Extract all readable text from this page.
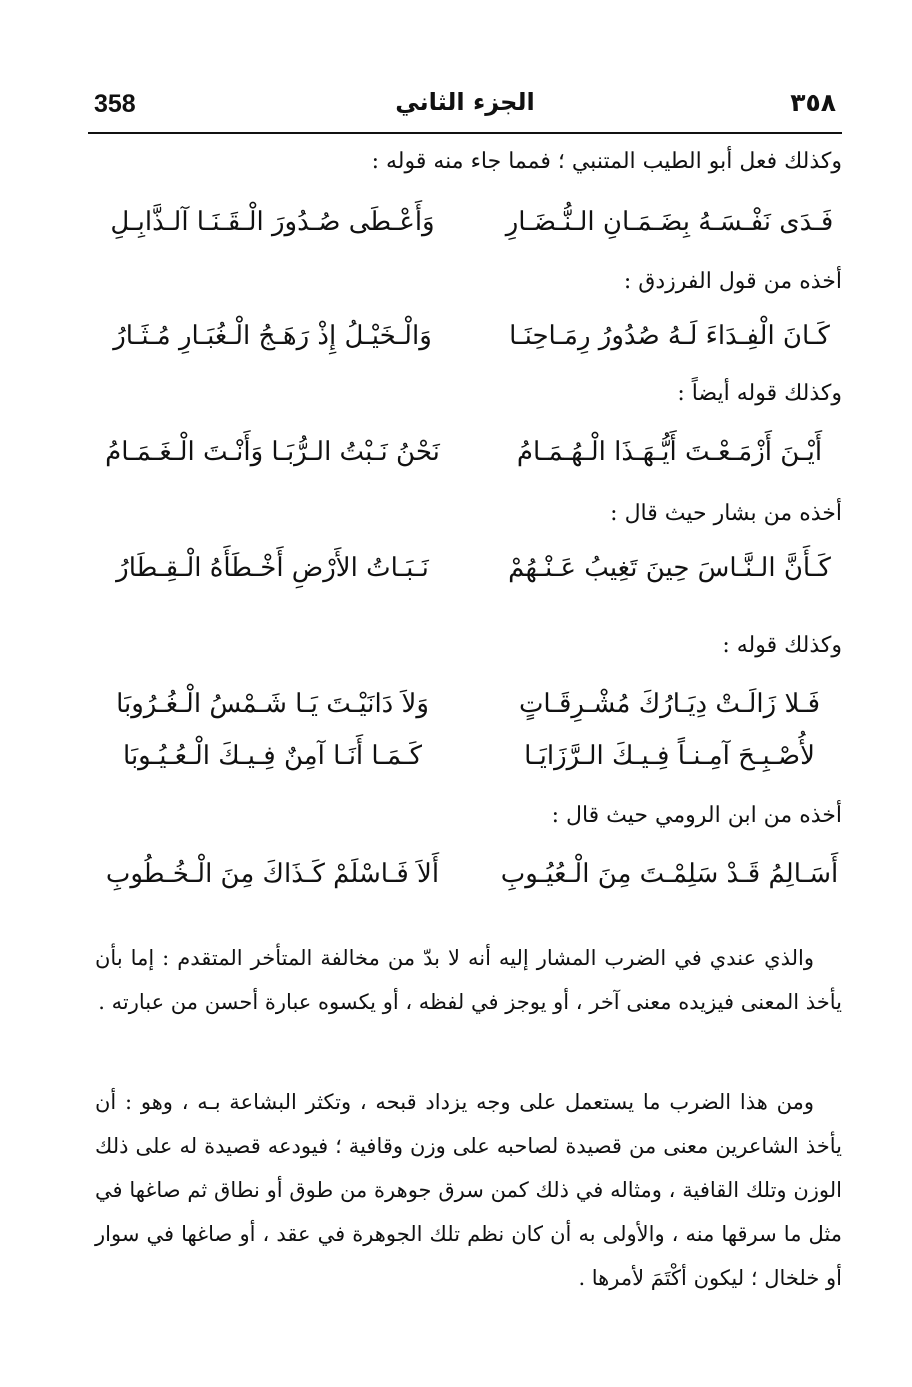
358	الجزء الثاني	٣٥٨
وكذلك فعل أبو الطيب المتنبي ؛ فمما جاء منه قوله :
فَـدَى نَفْـسَـهُ بِضَـمَـانِ الـنُّـضَـارِ
وَأَعْـطَى صُـدُورَ الْـقَـنَـا آلـذَّابِـلِ
أخذه من قول الفرزدق :
كَـانَ الْفِـدَاءَ لَـهُ صُدُورُ رِمَـاحِنَـا
وَالْـخَيْـلُ إِذْ رَهَـجُ الْـغُبَـارِ مُـثَـارُ
وكذلك قوله أيضاً :
أَيْـنَ أَزْمَـعْـتَ أَيُّـهَـذَا الْـهُـمَـامُ
نَحْنُ نَـبْتُ الـرُّبَـا وَأَنْـتَ الْـغَـمَـامُ
أخذه من بشار حيث قال :
كَـأَنَّ الـنَّـاسَ حِينَ تَغِيبُ عَـنْـهُمْ
نَـبَـاتُ الأَرْضِ أَخْـطَأَهُ الْـقِـطَارُ
وكذلك قوله :
فَـلا زَالَـتْ دِيَـارُكَ مُشْـرِقَـاتٍ
وَلاَ دَانَيْـتَ يَـا شَـمْسُ الْـغُـرُوبَا
لأُصْـبِـحَ آمِـنـاً فِـيـكَ الـرَّزَايَـا
كَـمَـا أَنَـا آمِنٌ فِـيـكَ الْـعُـيُـوبَا
أخذه من ابن الرومي حيث قال :
أَسَـالِمُ قَـدْ سَلِمْـتَ مِنَ الْـعُيُـوبِ
أَلاَ فَـاسْلَمْ كَـذَاكَ مِنَ الْـخُـطُوبِ

والذي عندي في الضرب المشار إليه أنه لا بدّ من مخالفة المتأخر المتقدم : إما بأن يأخذ المعنى فيزيده معنى آخر ، أو يوجز في لفظه ، أو يكسوه عبارة أحسن من عبارته .

ومن هذا الضرب ما يستعمل على وجه يزداد قبحه ، وتكثر البشاعة بـه ، وهو : أن يأخذ الشاعرين معنى من قصيدة لصاحبه على وزن وقافية ؛ فيودعه قصيدة له على ذلك الوزن وتلك القافية ، ومثاله في ذلك كمن سرق جوهرة من طوق أو نطاق ثم صاغها في مثل ما سرقها منه ، والأولى به أن كان نظم تلك الجوهرة في عقد ، أو صاغها في سوار أو خلخال ؛ ليكون أكْتَمَ لأمرها .
